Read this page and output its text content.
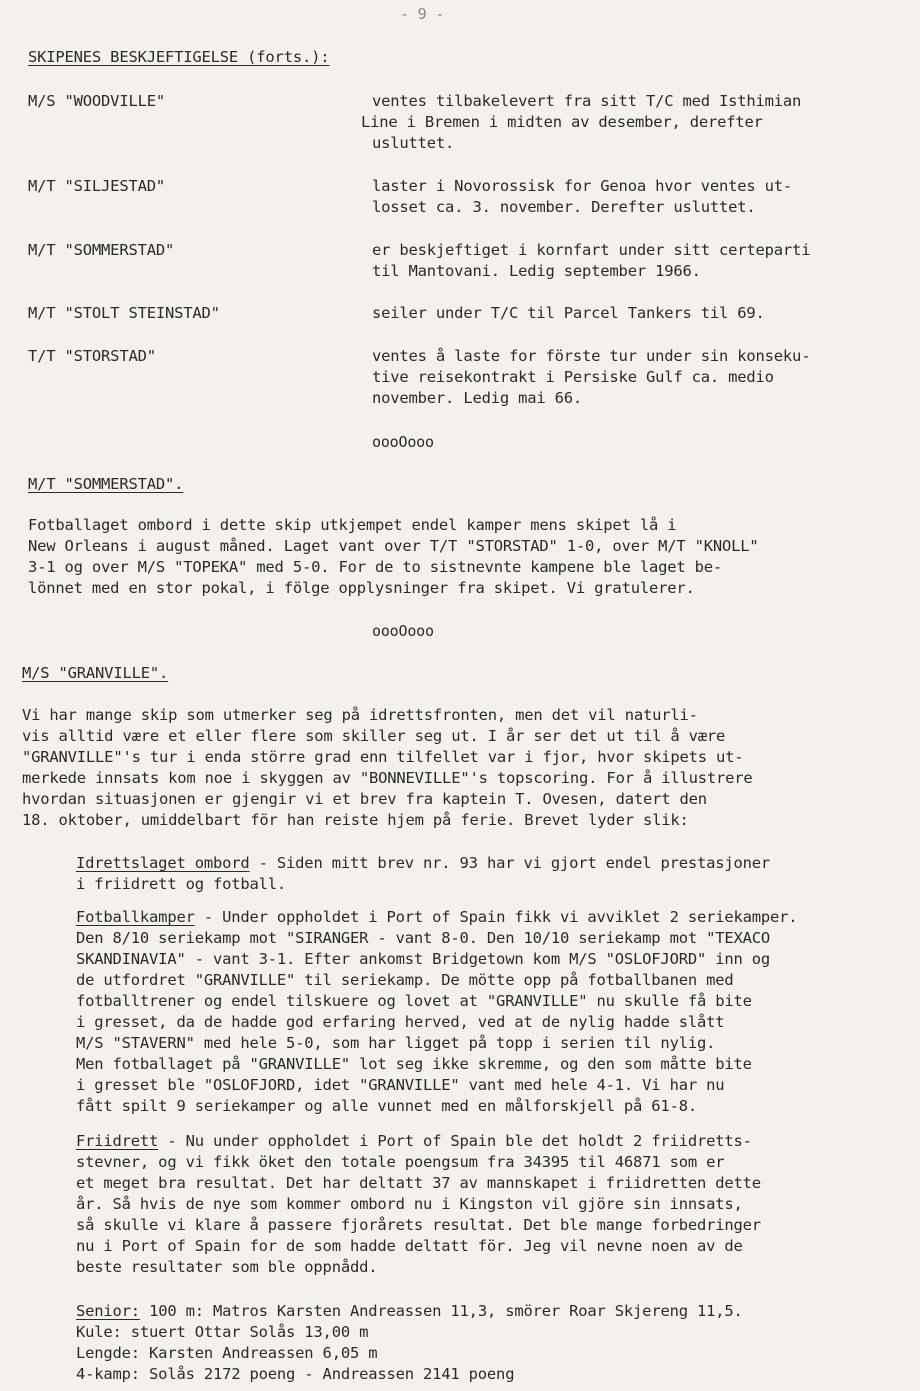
- 9 -
SKIPENES BESKJEFTIGELSE (forts.):
M/S "WOODVILLE"	ventes tilbakelevert fra sitt T/C med Isthimian
Line i Bremen i midten av desember, derefter
usluttet.
M/T "SILJESTAD"	laster i Novorossisk for Genoa hvor ventes ut-
losset ca. 3. november. Derefter usluttet.
M/T "SOMMERSTAD"	er beskjeftiget i kornfart under sitt certeparti
til Mantovani. Ledig september 1966.
M/T "STOLT STEINSTAD"	seiler under T/C til Parcel Tankers til 69.
T/T "STORSTAD"	ventes å laste for förste tur under sin konseku-
tive reisekontrakt i Persiske Gulf ca. medio
november. Ledig mai 66.
oooOooo
M/T "SOMMERSTAD".
Fotballaget ombord i dette skip utkjempet endel kamper mens skipet lå i
New Orleans i august måned. Laget vant over T/T "STORSTAD" 1-0, over M/T "KNOLL"
3-1 og over M/S "TOPEKA" med 5-0. For de to sistnevnte kampene ble laget be-
lönnet med en stor pokal, i fölge opplysninger fra skipet. Vi gratulerer.
oooOooo
M/S "GRANVILLE".
Vi har mange skip som utmerker seg på idrettsfronten, men det vil naturli-
vis alltid være et eller flere som skiller seg ut. I år ser det ut til å være
"GRANVILLE"'s tur i enda större grad enn tilfellet var i fjor, hvor skipets ut-
merkede innsats kom noe i skyggen av "BONNEVILLE"'s topscoring. For å illustrere
hvordan situasjonen er gjengir vi et brev fra kaptein T. Ovesen, datert den
18. oktober, umiddelbart för han reiste hjem på ferie. Brevet lyder slik:
Idrettslaget ombord - Siden mitt brev nr. 93 har vi gjort endel prestasjoner
i friidrett og fotball.
Fotballkamper - Under oppholdet i Port of Spain fikk vi avviklet 2 seriekamper.
Den 8/10 seriekamp mot "SIRANGER - vant 8-0. Den 10/10 seriekamp mot "TEXACO
SKANDINAVIA" - vant 3-1. Efter ankomst Bridgetown kom M/S "OSLOFJORD" inn og
de utfordret "GRANVILLE" til seriekamp. De mötte opp på fotballbanen med
fotballtrener og endel tilskuere og lovet at "GRANVILLE" nu skulle få bite
i gresset, da de hadde god erfaring herved, ved at de nylig hadde slått
M/S "STAVERN" med hele 5-0, som har ligget på topp i serien til nylig.
Men fotballaget på "GRANVILLE" lot seg ikke skremme, og den som måtte bite
i gresset ble "OSLOFJORD, idet "GRANVILLE" vant med hele 4-1. Vi har nu
fått spilt 9 seriekamper og alle vunnet med en målforskjell på 61-8.
Friidrett - Nu under oppholdet i Port of Spain ble det holdt 2 friidretts-
stevner, og vi fikk öket den totale poengsum fra 34395 til 46871 som er
et meget bra resultat. Det har deltatt 37 av mannskapet i friidretten dette
år. Så hvis de nye som kommer ombord nu i Kingston vil gjöre sin innsats,
så skulle vi klare å passere fjorårets resultat. Det ble mange forbedringer
nu i Port of Spain for de som hadde deltatt för. Jeg vil nevne noen av de
beste resultater som ble oppnådd.
Senior: 100 m: Matros Karsten Andreassen 11,3, smörer Roar Skjereng 11,5.
Kule: stuert Ottar Solås 13,00 m
Lengde: Karsten Andreassen 6,05 m
4-kamp: Solås 2172 poeng - Andreassen 2141 poeng
